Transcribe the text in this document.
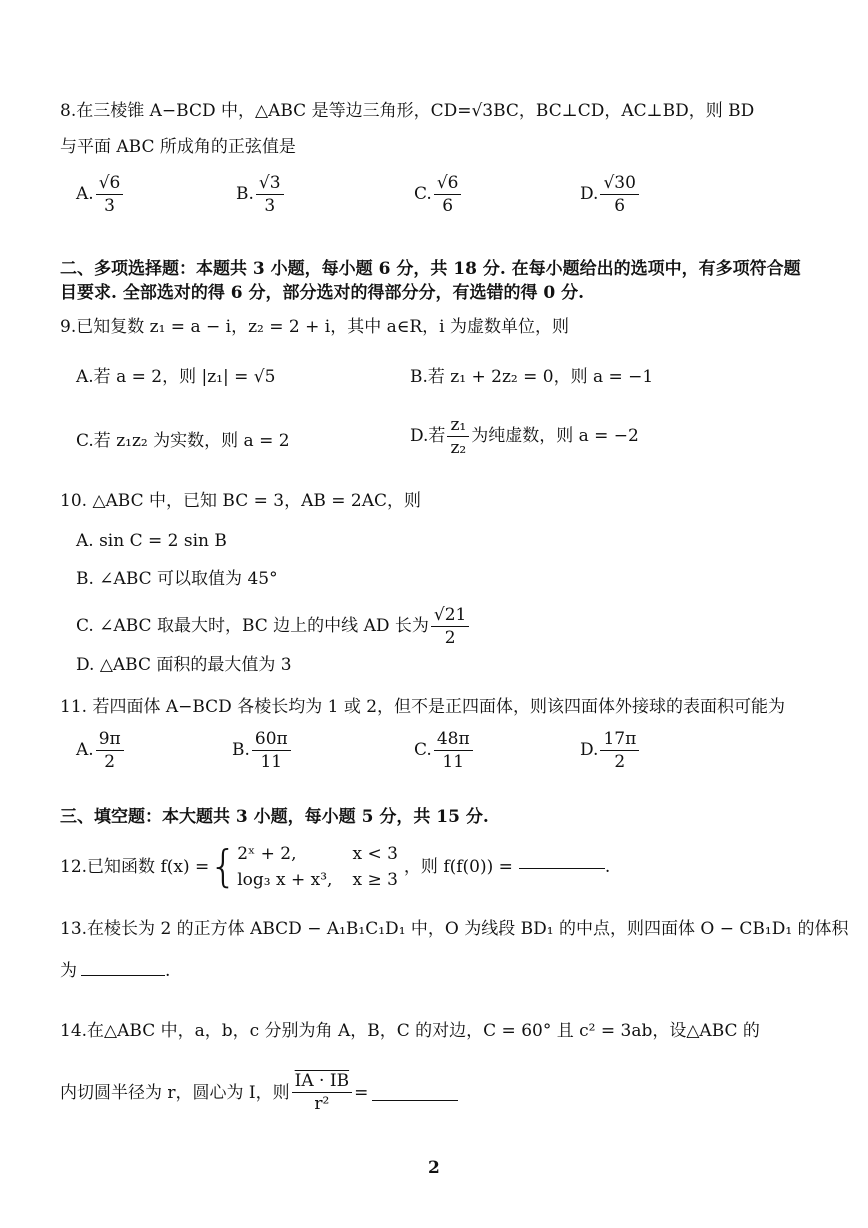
8.在三棱锥 A−BCD 中，△ABC 是等边三角形，CD=√3BC，BC⊥CD，AC⊥BD，则 BD
与平面 ABC 所成角的正弦值是
A. $\frac{√6}{3}$	B. $\frac{√3}{3}$	C. $\frac{√6}{6}$	D. $\frac{√30}{6}$
二、多项选择题：本题共 3 小题，每小题 6 分，共 18 分. 在每小题给出的选项中，有多项符合题
目要求. 全部选对的得 6 分，部分选对的得部分分，有选错的得 0 分.
9.已知复数 z₁ = a − i，z₂ = 2 + i，其中 a∈R，i 为虚数单位，则
A.若 a = 2，则 |z₁| = √5	B.若 z₁ + 2z₂ = 0，则 a = −1
C.若 z₁z₂ 为实数，则 a = 2	D.若 $\frac{\text{z₁}}{\text{z₂}}$ 为纯虚数，则 a = −2
10. △ABC 中，已知 BC = 3，AB = 2AC，则
A. sin C = 2 sin B
B. ∠ABC 可以取值为 45°
C. ∠ABC 取最大时，BC 边上的中线 AD 长为 $\frac{√21}{2}$
D. △ABC 面积的最大值为 3
11. 若四面体 A−BCD 各棱长均为 1 或 2，但不是正四面体，则该四面体外接球的表面积可能为
A. $\frac{9\pi}{2}$	B. $\frac{60\pi}{11}$	C. $\frac{48\pi}{11}$	D. $\frac{17\pi}{2}$
三、填空题：本大题共 3 小题，每小题 5 分，共 15 分.
12.已知函数 f(x) = { 2ˣ + 2,
log₃ x + x³,
x < 3
x ≥ 3
，则 f(f(0)) =	.
13.在棱长为 2 的正方体 ABCD − A₁B₁C₁D₁ 中，O 为线段 BD₁ 的中点，则四面体 O − CB₁D₁ 的体积
为	.
14.在△ABC 中，a，b，c 分别为角 A，B，C 的对边，C = 60° 且 c² = 3ab，设△ABC 的
内切圆半径为 r，圆心为 I，则 $\frac{IA \cdot IB}{\text{r²}}$ =
2
